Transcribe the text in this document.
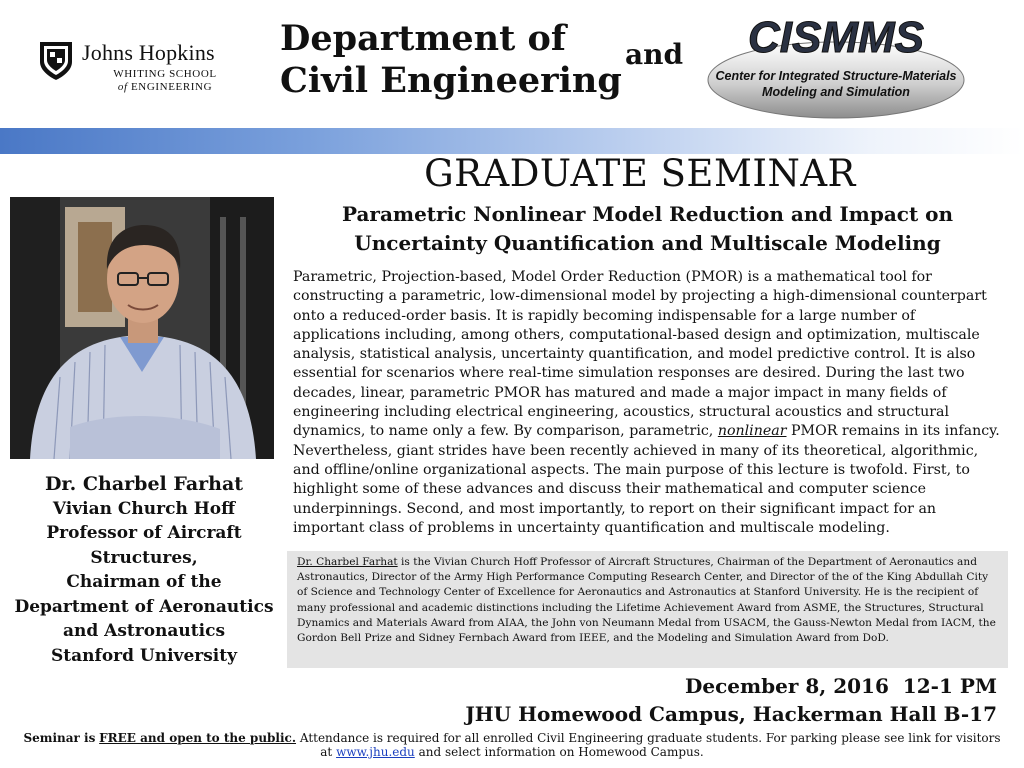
Johns Hopkins
WHITING SCHOOL
of ENGINEERING
Department of
Civil Engineering
and CISMMS
Center for Integrated Structure-Materials
Modeling and Simulation
GRADUATE SEMINAR
Parametric Nonlinear Model Reduction and Impact on
Uncertainty Quantification and Multiscale Modeling
Dr. Charbel Farhat
Vivian Church Hoff
Professor of Aircraft
Structures,
Chairman of the
Department of Aeronautics
and Astronautics
Stanford University
Parametric, Projection-based, Model Order Reduction (PMOR) is a mathematical tool for constructing a parametric, low-dimensional model by projecting a high-dimensional counterpart onto a reduced-order basis. It is rapidly becoming indispensable for a large number of applications including, among others, computational-based design and optimization, multiscale analysis, statistical analysis, uncertainty quantification, and model predictive control. It is also essential for scenarios where real-time simulation responses are desired. During the last two decades, linear, parametric PMOR has matured and made a major impact in many fields of engineering including electrical engineering, acoustics, structural acoustics and structural dynamics, to name only a few. By comparison, parametric, nonlinear PMOR remains in its infancy. Nevertheless, giant strides have been recently achieved in many of its theoretical, algorithmic, and offline/online organizational aspects. The main purpose of this lecture is twofold. First, to highlight some of these advances and discuss their mathematical and computer science underpinnings. Second, and most importantly, to report on their significant impact for an important class of problems in uncertainty quantification and multiscale modeling.
Dr. Charbel Farhat is the Vivian Church Hoff Professor of Aircraft Structures, Chairman of the Department of Aeronautics and Astronautics, Director of the Army High Performance Computing Research Center, and Director of the of the King Abdullah City of Science and Technology Center of Excellence for Aeronautics and Astronautics at Stanford University. He is the recipient of many professional and academic distinctions including the Lifetime Achievement Award from ASME, the Structures, Structural Dynamics and Materials Award from AIAA, the John von Neumann Medal from USACM, the Gauss-Newton Medal from IACM, the Gordon Bell Prize and Sidney Fernbach Award from IEEE, and the Modeling and Simulation Award from DoD.
December 8, 2016  12-1 PM
JHU Homewood Campus, Hackerman Hall B-17
Seminar is FREE and open to the public. Attendance is required for all enrolled Civil Engineering graduate students. For parking please see link for visitors at www.jhu.edu and select information on Homewood Campus.
